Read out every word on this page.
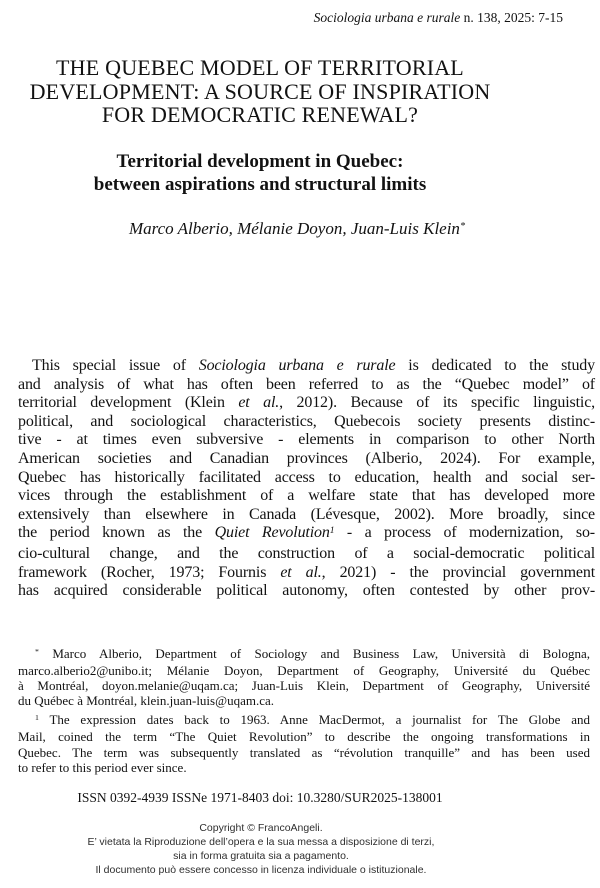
Sociologia urbana e rurale n. 138, 2025: 7-15
THE QUEBEC MODEL OF TERRITORIAL
DEVELOPMENT: A SOURCE OF INSPIRATION
FOR DEMOCRATIC RENEWAL?
Territorial development in Quebec:
between aspirations and structural limits
Marco Alberio, Mélanie Doyon, Juan-Luis Klein*
This special issue of Sociologia urbana e rurale is dedicated to the study
and analysis of what has often been referred to as the “Quebec model” of
territorial development (Klein et al., 2012). Because of its specific linguistic,
political, and sociological characteristics, Quebecois society presents distinc-
tive - at times even subversive - elements in comparison to other North
American societies and Canadian provinces (Alberio, 2024). For example,
Quebec has historically facilitated access to education, health and social ser-
vices through the establishment of a welfare state that has developed more
extensively than elsewhere in Canada (Lévesque, 2002). More broadly, since
the period known as the Quiet Revolution$^1$ - a process of modernization, so-
cio-cultural change, and the construction of a social-democratic political
framework (Rocher, 1973; Fournis et al., 2021) - the provincial government
has acquired considerable political autonomy, often contested by other prov-
* Marco Alberio, Department of Sociology and Business Law, Università di Bologna,
marco.alberio2@unibo.it; Mélanie Doyon, Department of Geography, Université du Québec
à Montréal, doyon.melanie@uqam.ca; Juan-Luis Klein, Department of Geography, Université
du Québec à Montréal, klein.juan-luis@uqam.ca.
$^1$ The expression dates back to 1963. Anne MacDermot, a journalist for The Globe and
Mail, coined the term “The Quiet Revolution” to describe the ongoing transformations in
Quebec. The term was subsequently translated as “révolution tranquille” and has been used
to refer to this period ever since.
ISSN 0392-4939 ISSNe 1971-8403 doi: 10.3280/SUR2025-138001
Copyright © FrancoAngeli.
E’ vietata la Riproduzione dell’opera e la sua messa a disposizione di terzi,
sia in forma gratuita sia a pagamento.
Il documento può essere concesso in licenza individuale o istituzionale.
